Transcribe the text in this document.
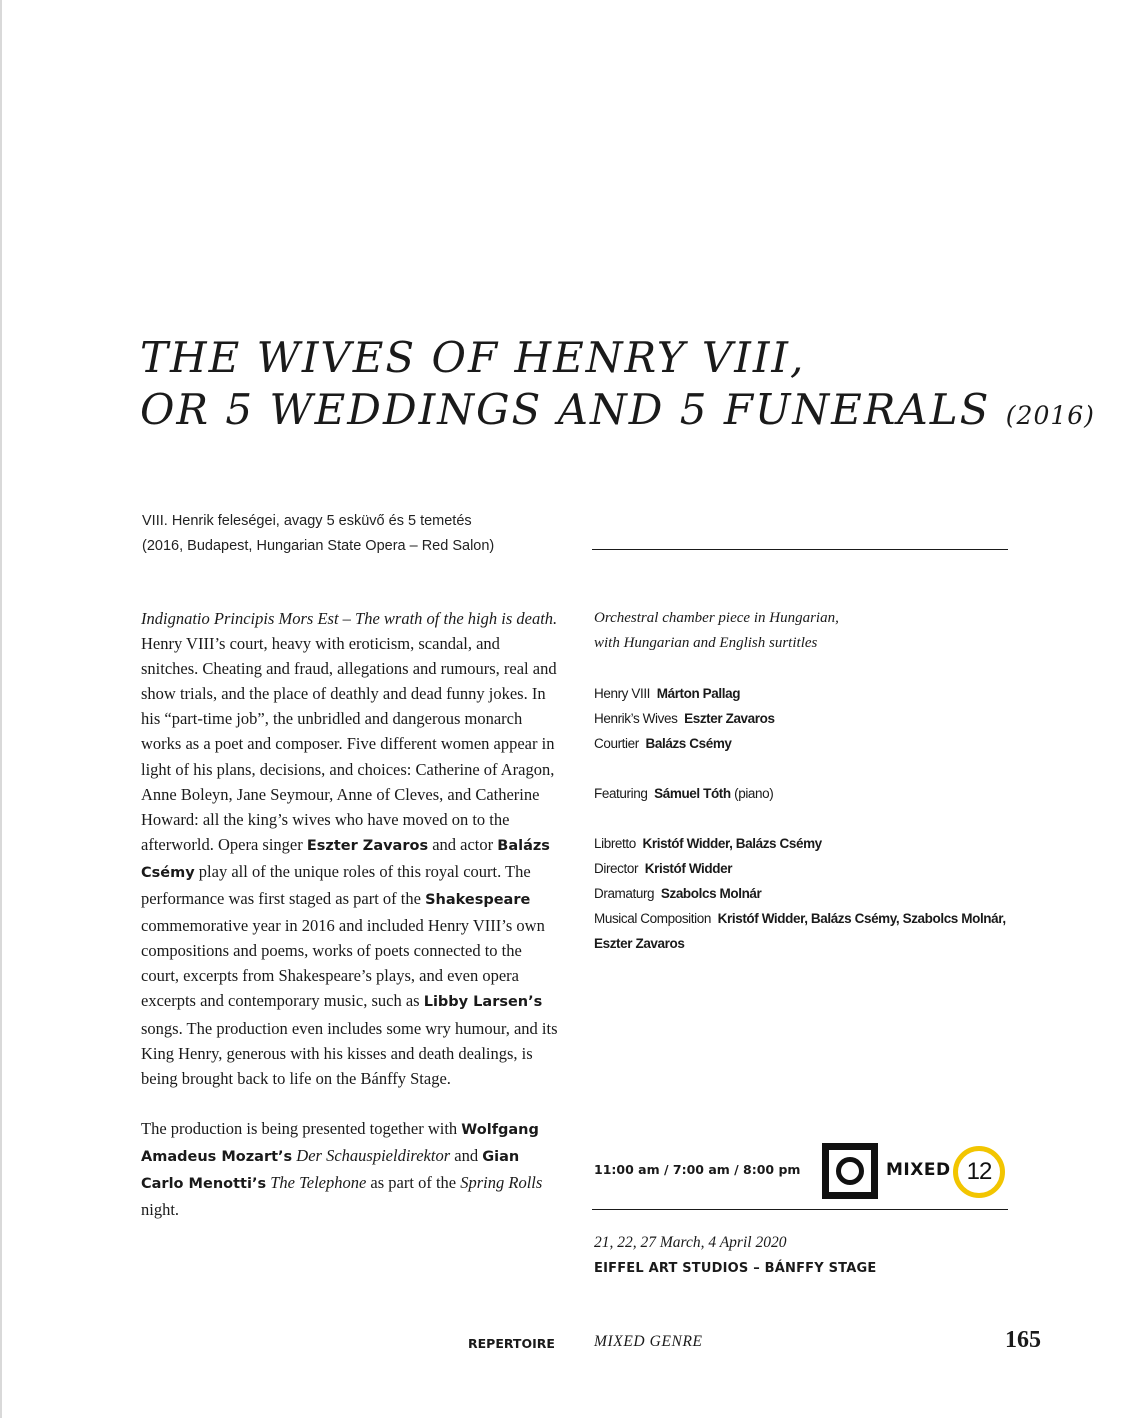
THE WIVES OF HENRY VIII,
OR 5 WEDDINGS AND 5 FUNERALS (2016)
VIII. Henrik feleségei, avagy 5 esküvő és 5 temetés
(2016, Budapest, Hungarian State Opera – Red Salon)

Indignatio Principis Mors Est – The wrath of the high is death. Henry VIII’s court, heavy with eroticism, scandal, and snitches. Cheating and fraud, allegations and rumours, real and show trials, and the place of deathly and dead funny jokes. In his “part-time job”, the unbridled and dangerous monarch works as a poet and composer. Five different women appear in light of his plans, decisions, and choices: Catherine of Aragon, Anne Boleyn, Jane Seymour, Anne of Cleves, and Catherine Howard: all the king’s wives who have moved on to the afterworld. Opera singer Eszter Zavaros and actor Balázs Csémy play all of the unique roles of this royal court. The performance was first staged as part of the Shakespeare commemorative year in 2016 and included Henry VIII’s own compositions and poems, works of poets connected to the court, excerpts from Shakespeare’s plays, and even opera excerpts and contemporary music, such as Libby Larsen’s songs. The production even includes some wry humour, and its King Henry, generous with his kisses and death dealings, is being brought back to life on the Bánffy Stage.

The production is being presented together with Wolfgang Amadeus Mozart’s Der Schauspieldirektor and Gian Carlo Menotti’s The Telephone as part of the Spring Rolls night.

Orchestral chamber piece in Hungarian,
with Hungarian and English surtitles
Henry VIII Márton Pallag
Henrik’s Wives Eszter Zavaros
Courtier Balázs Csémy
Featuring Sámuel Tóth (piano)
Libretto Kristóf Widder, Balázs Csémy
Director Kristóf Widder
Dramaturg Szabolcs Molnár
Musical Composition Kristóf Widder, Balázs Csémy, Szabolcs Molnár, Eszter Zavaros
11:00 am / 7:00 am / 8:00 pm	MIXED 12
21, 22, 27 March, 4 April 2020
EIFFEL ART STUDIOS – BÁNFFY STAGE
REPERTOIRE	MIXED GENRE	165
